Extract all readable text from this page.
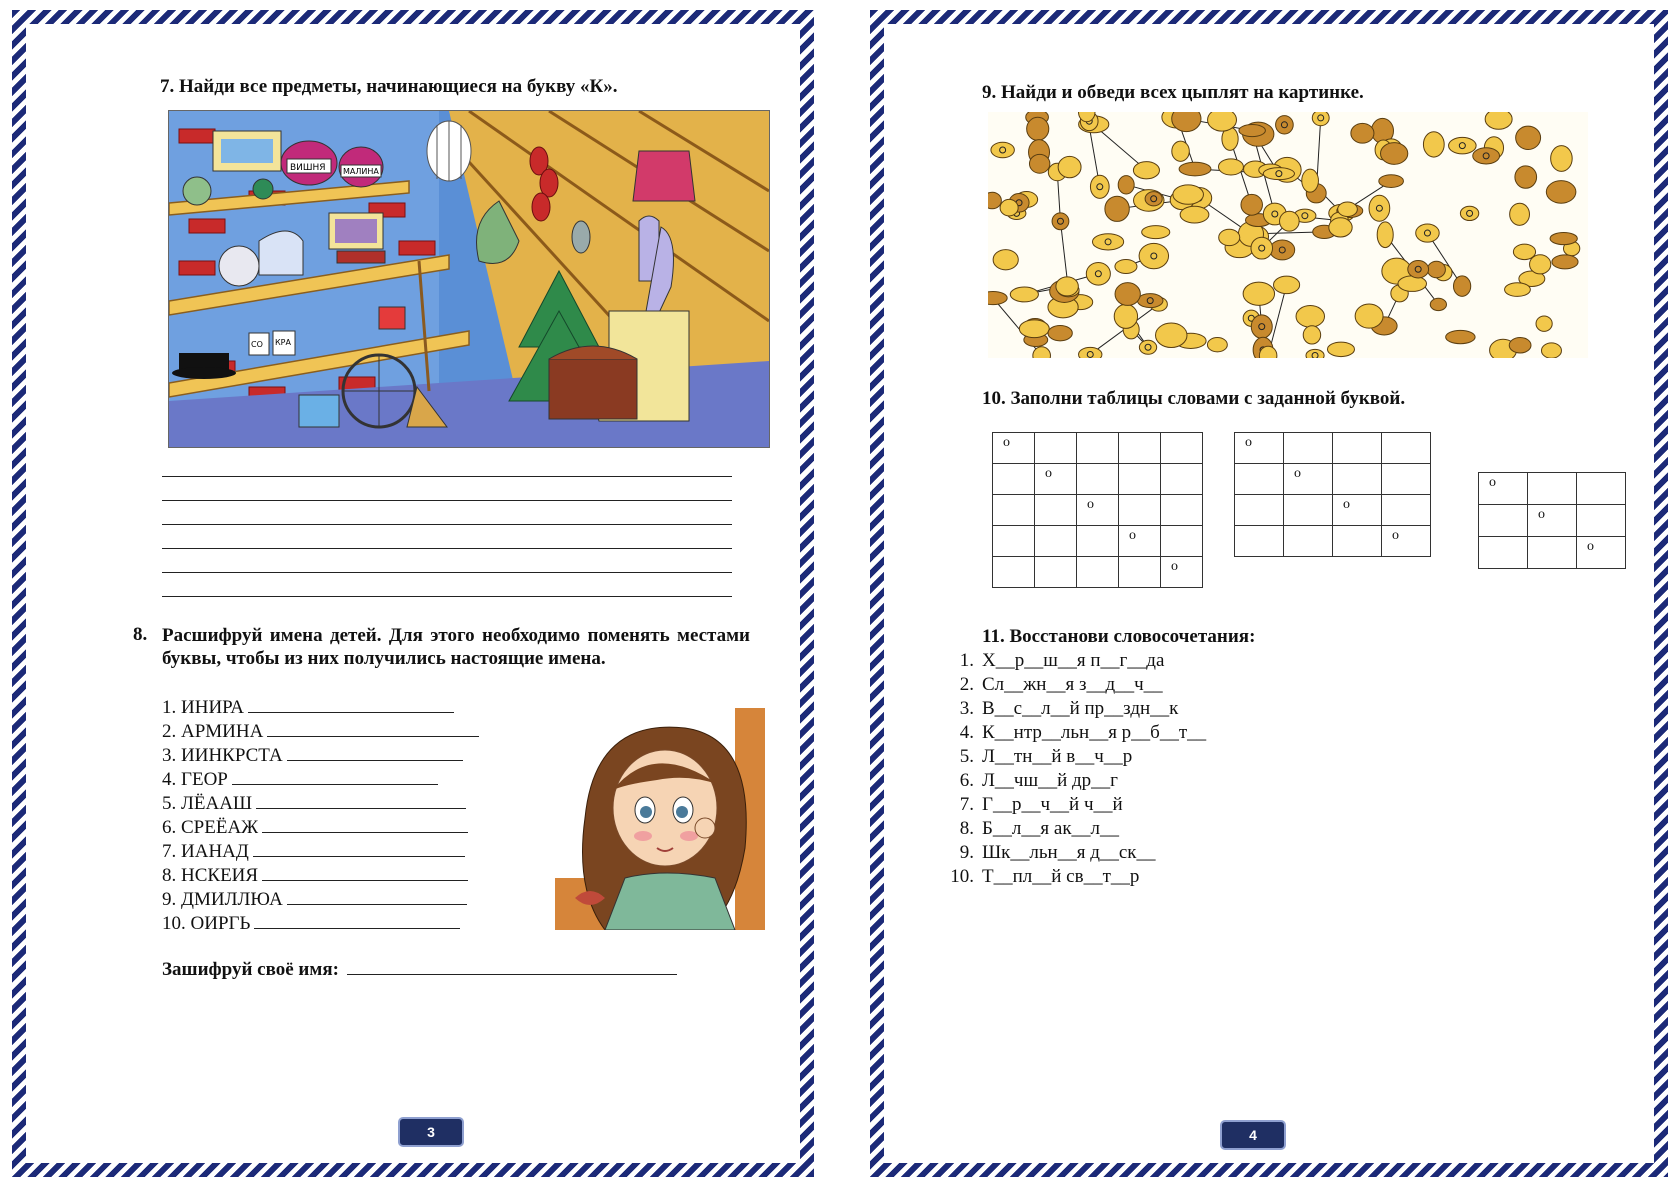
7. Найди все предметы, начинающиеся на букву «К».
ВИШНЯ МАЛИНА
СО КРА
8. Расшифруй имена детей. Для этого необходимо поменять местами буквы, чтобы из них получились настоящие имена.
1. ИНИРА
2. АРМИНА
3. ИИНКРСТА
4. ГЕОР
5. ЛЁААШ
6. СРЕЁАЖ
7. ИАНАД
8. НСКЕИЯ
9. ДМИЛЛЮА
10. ОИРГЬ
Зашифруй своё имя:
3
9. Найди и обведи всех цыплят на картинке.
10. Заполни таблицы словами с заданной буквой.
о				

	о			

		о		

			о	

				о
о			

	о		

		о	

			о
о		

	о	

		о
11. Восстанови словосочетания:
1. Х__р__ш__я п__г__да
2. Сл__жн__я з__д__ч__
3. В__с__л__й пр__здн__к
4. К__нтр__льн__я р__б__т__
5. Л__тн__й в__ч__р
6. Л__чш__й др__г
7. Г__р__ч__й ч__й
8. Б__л__я ак__л__
9. Шк__льн__я д__ск__
10. Т__пл__й св__т__р
4
